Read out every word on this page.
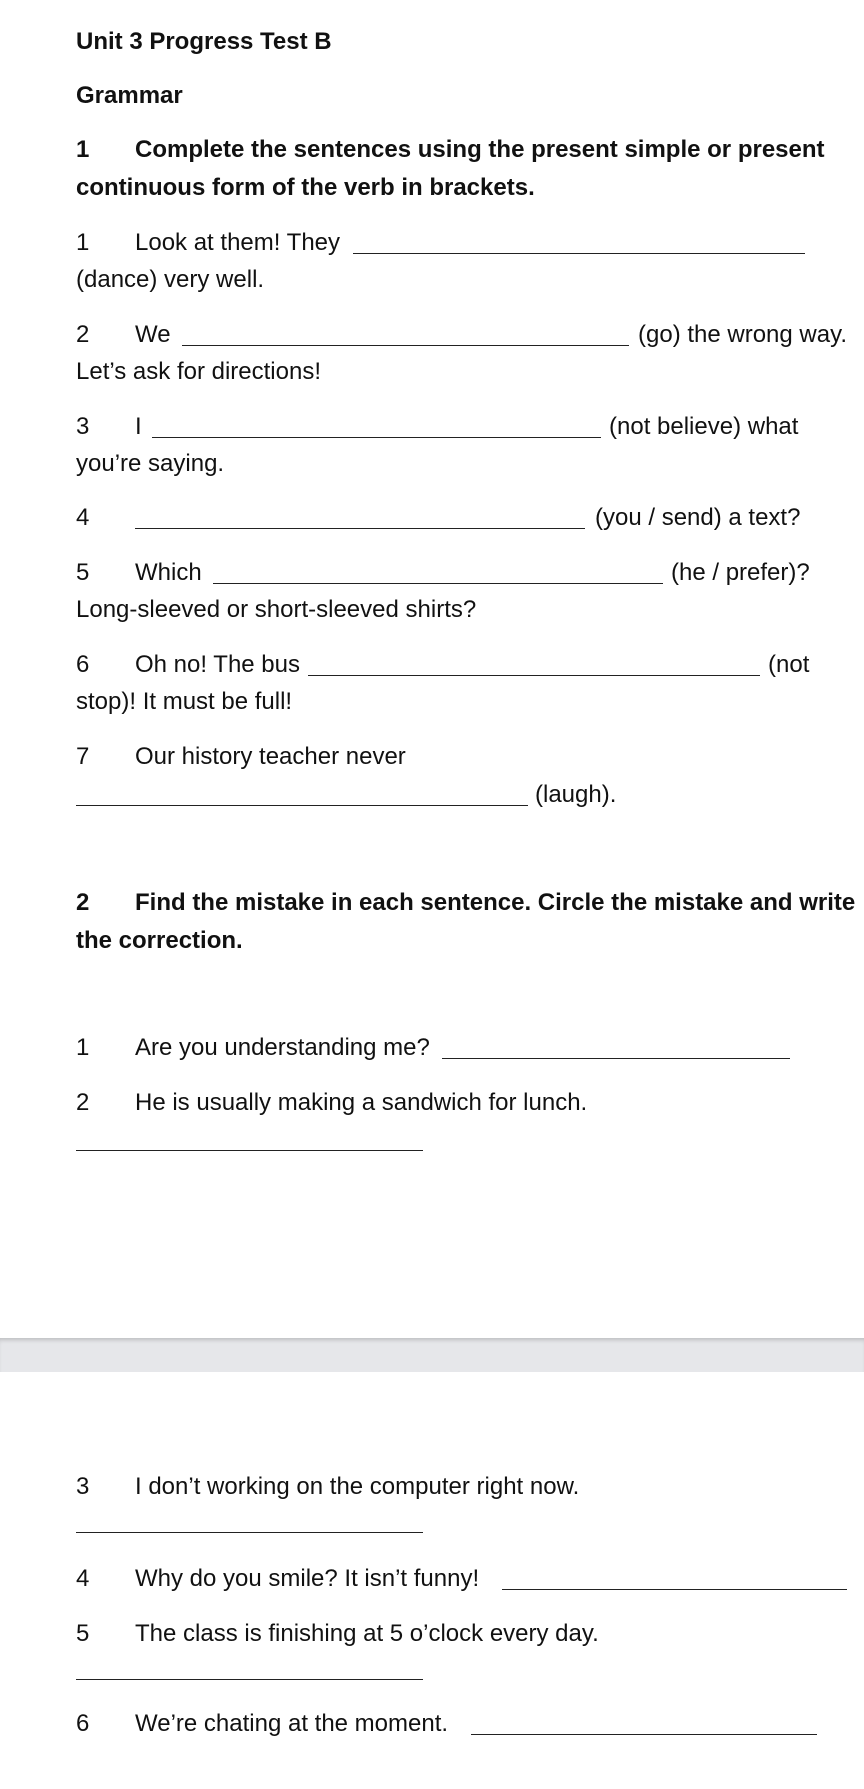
Unit 3 Progress Test B
Grammar
1	Complete the sentences using the present simple or present
continuous form of the verb in brackets.
1	Look at them! They
(dance) very well.
2	We	(go) the wrong way.
Let’s ask for directions!
3	I	(not believe) what
you’re saying.
4	(you / send) a text?
5	Which	(he / prefer)?
Long-sleeved or short-sleeved shirts?
6	Oh no! The bus	(not
stop)! It must be full!
7	Our history teacher never
(laugh).
2	Find the mistake in each sentence. Circle the mistake and write
the correction.
1	Are you understanding me?
2	He is usually making a sandwich for lunch.
3	I don’t working on the computer right now.
4	Why do you smile? It isn’t funny!
5	The class is finishing at 5 o’clock every day.
6	We’re chating at the moment.
